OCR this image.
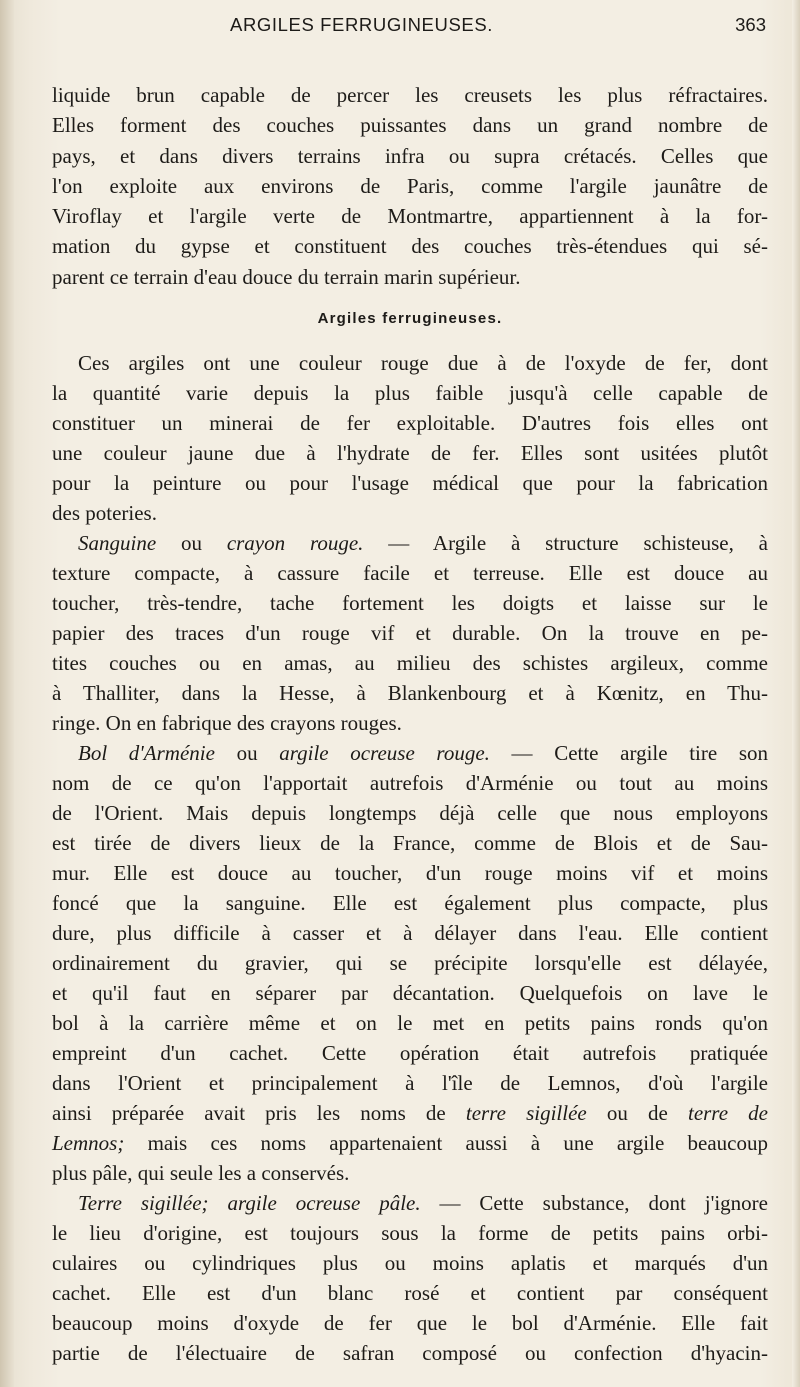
ARGILES FERRUGINEUSES.	363
liquide brun capable de percer les creusets les plus réfractaires.
Elles forment des couches puissantes dans un grand nombre de
pays, et dans divers terrains infra ou supra crétacés. Celles que
l'on exploite aux environs de Paris, comme l'argile jaunâtre de
Viroflay et l'argile verte de Montmartre, appartiennent à la for-
mation du gypse et constituent des couches très-étendues qui sé-
parent ce terrain d'eau douce du terrain marin supérieur.
Argiles ferrugineuses.
Ces argiles ont une couleur rouge due à de l'oxyde de fer, dont
la quantité varie depuis la plus faible jusqu'à celle capable de
constituer un minerai de fer exploitable. D'autres fois elles ont
une couleur jaune due à l'hydrate de fer. Elles sont usitées plutôt
pour la peinture ou pour l'usage médical que pour la fabrication
des poteries.
Sanguine ou crayon rouge. — Argile à structure schisteuse, à
texture compacte, à cassure facile et terreuse. Elle est douce au
toucher, très-tendre, tache fortement les doigts et laisse sur le
papier des traces d'un rouge vif et durable. On la trouve en pe-
tites couches ou en amas, au milieu des schistes argileux, comme
à Thalliter, dans la Hesse, à Blankenbourg et à Kœnitz, en Thu-
ringe. On en fabrique des crayons rouges.
Bol d'Arménie ou argile ocreuse rouge. — Cette argile tire son
nom de ce qu'on l'apportait autrefois d'Arménie ou tout au moins
de l'Orient. Mais depuis longtemps déjà celle que nous employons
est tirée de divers lieux de la France, comme de Blois et de Sau-
mur. Elle est douce au toucher, d'un rouge moins vif et moins
foncé que la sanguine. Elle est également plus compacte, plus
dure, plus difficile à casser et à délayer dans l'eau. Elle contient
ordinairement du gravier, qui se précipite lorsqu'elle est délayée,
et qu'il faut en séparer par décantation. Quelquefois on lave le
bol à la carrière même et on le met en petits pains ronds qu'on
empreint d'un cachet. Cette opération était autrefois pratiquée
dans l'Orient et principalement à l'île de Lemnos, d'où l'argile
ainsi préparée avait pris les noms de terre sigillée ou de terre de
Lemnos; mais ces noms appartenaient aussi à une argile beaucoup
plus pâle, qui seule les a conservés.
Terre sigillée; argile ocreuse pâle. — Cette substance, dont j'ignore
le lieu d'origine, est toujours sous la forme de petits pains orbi-
culaires ou cylindriques plus ou moins aplatis et marqués d'un
cachet. Elle est d'un blanc rosé et contient par conséquent
beaucoup moins d'oxyde de fer que le bol d'Arménie. Elle fait
partie de l'électuaire de safran composé ou confection d'hyacin-
